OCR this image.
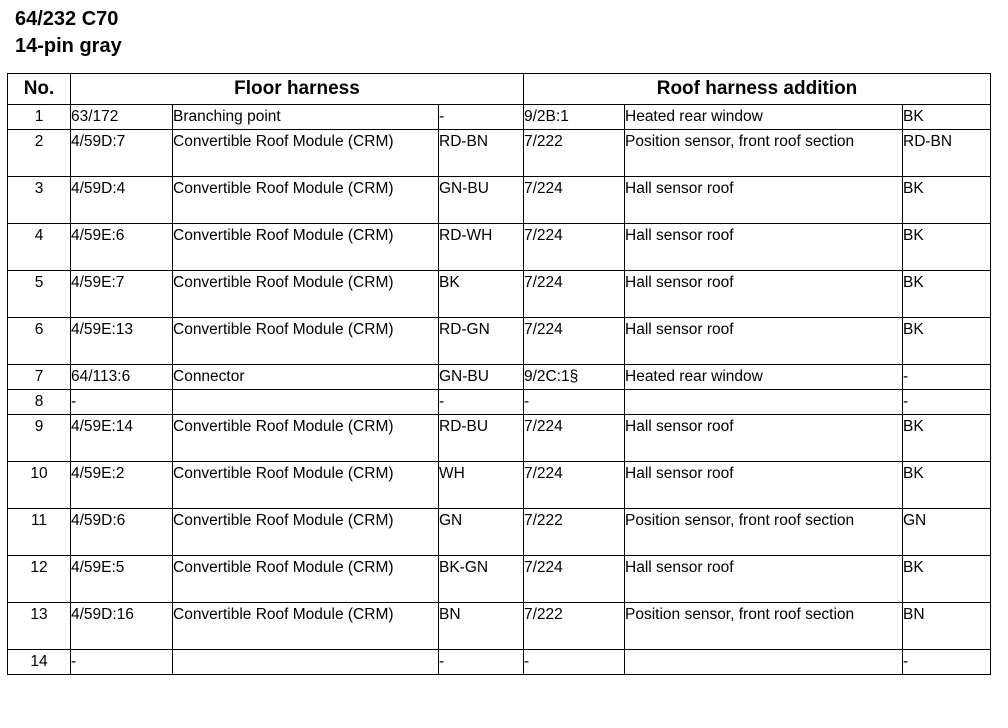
64/232 C70
14-pin gray
No.	Floor harness			Roof harness addition		
1	63/172	Branching point	-	9/2B:1	Heated rear window	BK
2	4/59D:7	Convertible Roof Module (CRM)	RD-BN	7/222	Position sensor, front roof section	RD-BN
3	4/59D:4	Convertible Roof Module (CRM)	GN-BU	7/224	Hall sensor roof	BK
4	4/59E:6	Convertible Roof Module (CRM)	RD-WH	7/224	Hall sensor roof	BK
5	4/59E:7	Convertible Roof Module (CRM)	BK	7/224	Hall sensor roof	BK
6	4/59E:13	Convertible Roof Module (CRM)	RD-GN	7/224	Hall sensor roof	BK
7	64/113:6	Connector	GN-BU	9/2C:1§	Heated rear window	-
8	-		-	-		-
9	4/59E:14	Convertible Roof Module (CRM)	RD-BU	7/224	Hall sensor roof	BK
10	4/59E:2	Convertible Roof Module (CRM)	WH	7/224	Hall sensor roof	BK
11	4/59D:6	Convertible Roof Module (CRM)	GN	7/222	Position sensor, front roof section	GN
12	4/59E:5	Convertible Roof Module (CRM)	BK-GN	7/224	Hall sensor roof	BK
13	4/59D:16	Convertible Roof Module (CRM)	BN	7/222	Position sensor, front roof section	BN
14	-		-	-		-
